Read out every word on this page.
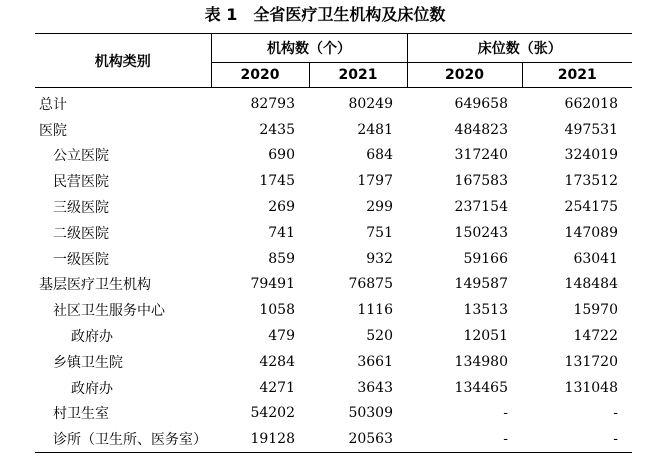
表 1　全省医疗卫生机构及床位数
机构类别	机构数（个）		床位数（张）	
	2020	2021	2020	2021
总计	82793	80249	649658	662018
医院	2435	2481	484823	497531
公立医院	690	684	317240	324019
民营医院	1745	1797	167583	173512
三级医院	269	299	237154	254175
二级医院	741	751	150243	147089
一级医院	859	932	59166	63041
基层医疗卫生机构	79491	76875	149587	148484
社区卫生服务中心	1058	1116	13513	15970
政府办	479	520	12051	14722
乡镇卫生院	4284	3661	134980	131720
政府办	4271	3643	134465	131048
村卫生室	54202	50309	-	-
诊所（卫生所、医务室）	19128	20563	-	-
